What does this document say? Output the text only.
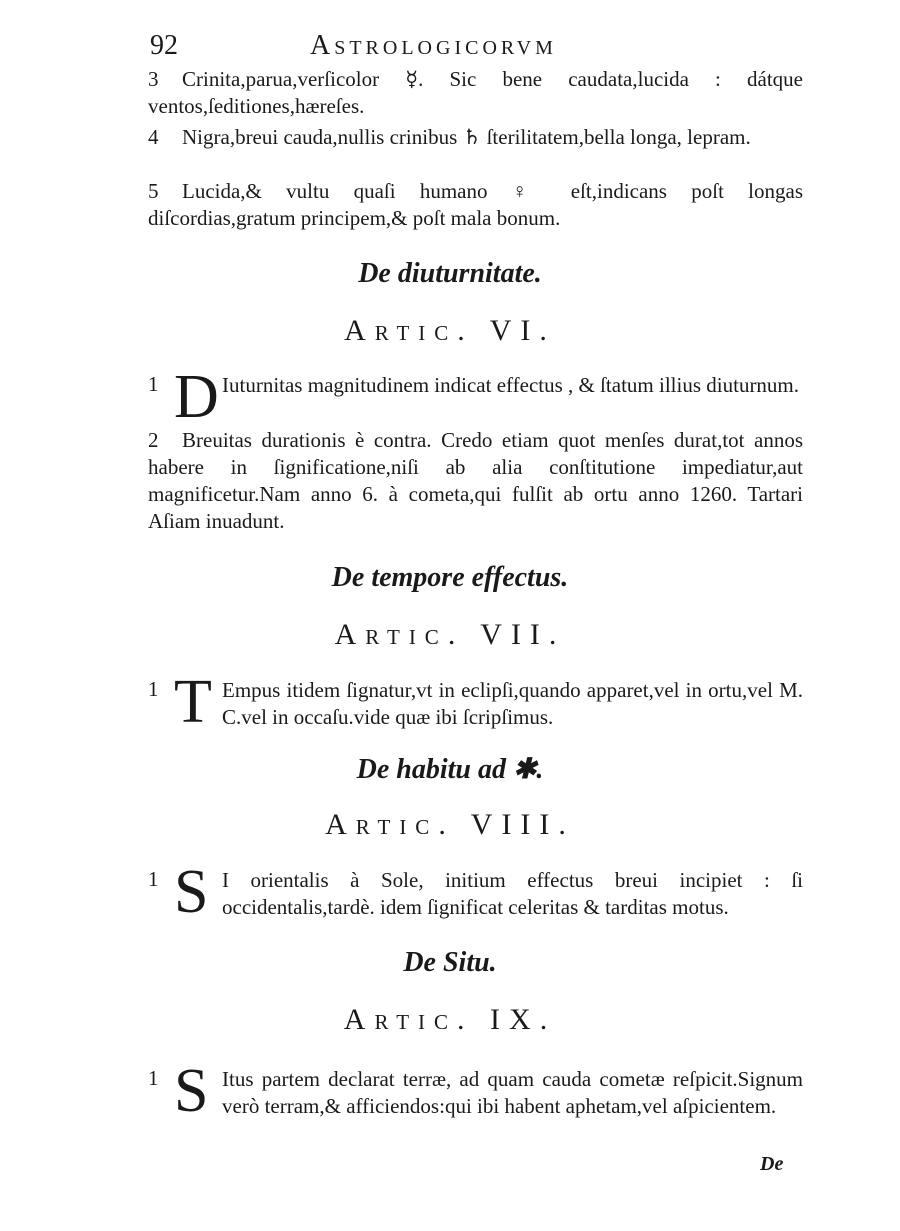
92	Astrologicorvm
3 Crinita,parua,verſicolor ☿. Sic bene caudata,lucida : dátque ventos,ſeditiones,hæreſes.
4 Nigra,breui cauda,nullis crinibus ♄ ſterilitatem,bella longa, lepram.
5 Lucida,& vultu quaſi humano ♀ eſt,indicans poſt longas diſcordias,gratum principem,& poſt mala bonum.
De diuturnitate.
Artic. VI.
1 D Iuturnitas magnitudinem indicat effectus , & ſtatum illius diuturnum.
2 Breuitas durationis è contra. Credo etiam quot menſes durat,tot annos habere in ſignificatione,niſi ab alia conſtitutione impediatur,aut magnificetur.Nam anno 6. à cometa,qui fulſit ab ortu anno 1260. Tartari Aſiam inuadunt.
De tempore effectus.
Artic. VII.
1 T Empus itidem ſignatur,vt in eclipſi,quando apparet,vel in ortu,vel M. C.vel in occaſu.vide quæ ibi ſcripſimus.
De habitu ad ✱.
Artic. VIII.
1 S I orientalis à Sole, initium effectus breui incipiet : ſi occidentalis,tardè. idem ſignificat celeritas & tarditas motus.
De Situ.
Artic. IX.
1 S Itus partem declarat terræ, ad quam cauda cometæ reſpicit.Signum verò terram,& afficiendos:qui ibi habent aphetam,vel aſpicientem.
De
